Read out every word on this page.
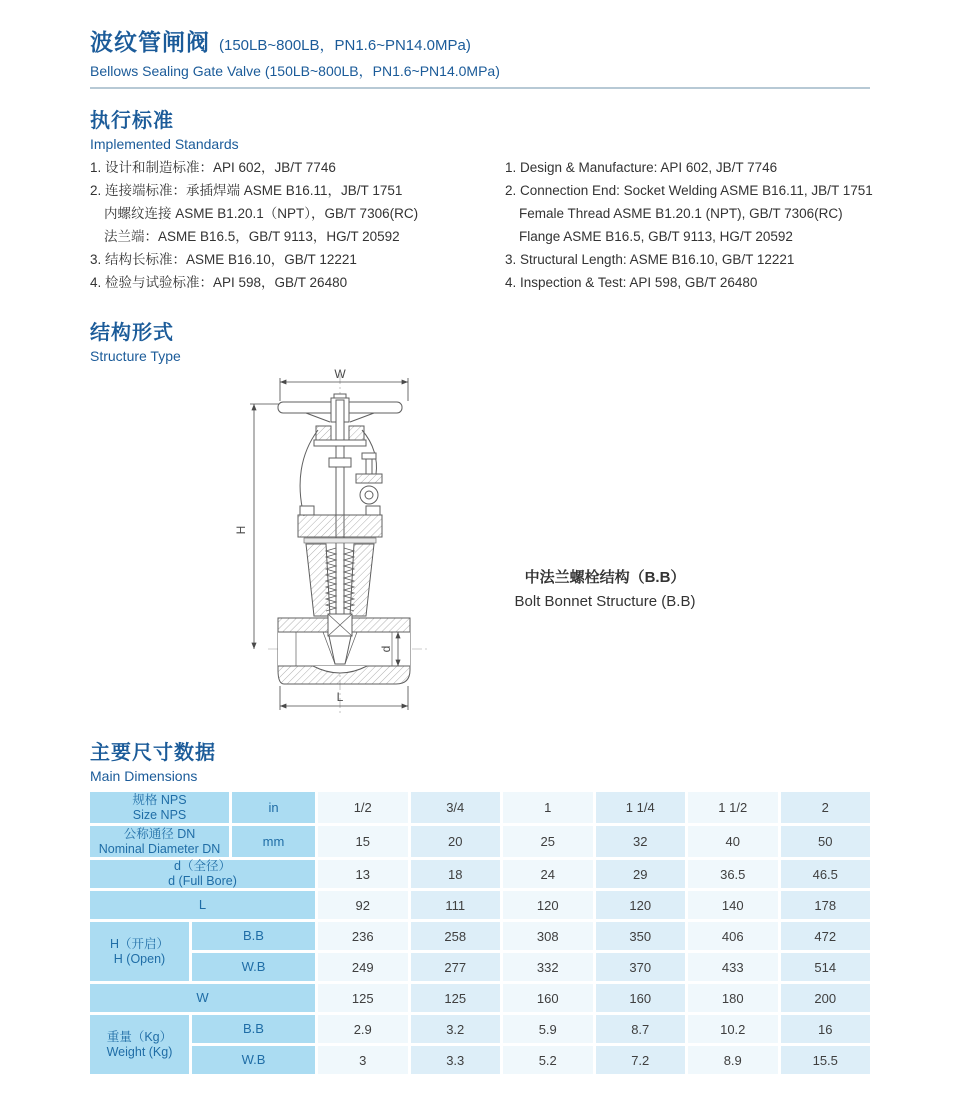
波纹管闸阀 (150LB~800LB，PN1.6~PN14.0MPa)
Bellows Sealing Gate Valve (150LB~800LB，PN1.6~PN14.0MPa)
执行标准
Implemented Standards
1. 设计和制造标准：API 602，JB/T 7746
2. 连接端标准：承插焊端 ASME B16.11，JB/T 1751
内螺纹连接 ASME B1.20.1（NPT），GB/T 7306(RC)
法兰端：ASME B16.5，GB/T 9113，HG/T 20592
3. 结构长标准：ASME B16.10，GB/T 12221
4. 检验与试验标准：API 598，GB/T 26480
1. Design & Manufacture: API 602, JB/T 7746
2. Connection End: Socket Welding ASME B16.11, JB/T 1751
Female Thread ASME B1.20.1 (NPT), GB/T 7306(RC)
Flange ASME B16.5, GB/T 9113, HG/T 20592
3. Structural Length: ASME B16.10, GB/T 12221
4. Inspection & Test: API 598, GB/T 26480
结构形式
Structure Type
W
H
d
L
中法兰螺栓结构（B.B）
Bolt Bonnet Structure (B.B)
主要尺寸数据
Main Dimensions
规格 NPS
Size NPS	in	1/2	3/4	1	1 1/4	1 1/2	2
公称通径 DN
Nominal Diameter DN	mm	15	20	25	32	40	50
d（全径）
d (Full Bore)	13	18	24	29	36.5	46.5
L	92	111	120	120	140	178
H（开启）
H (Open)
B.B	236	258	308	350	406	472
W.B	249	277	332	370	433	514
W	125	125	160	160	180	200
重量（Kg）
Weight (Kg)
B.B	2.9	3.2	5.9	8.7	10.2	16
W.B	3	3.3	5.2	7.2	8.9	15.5
